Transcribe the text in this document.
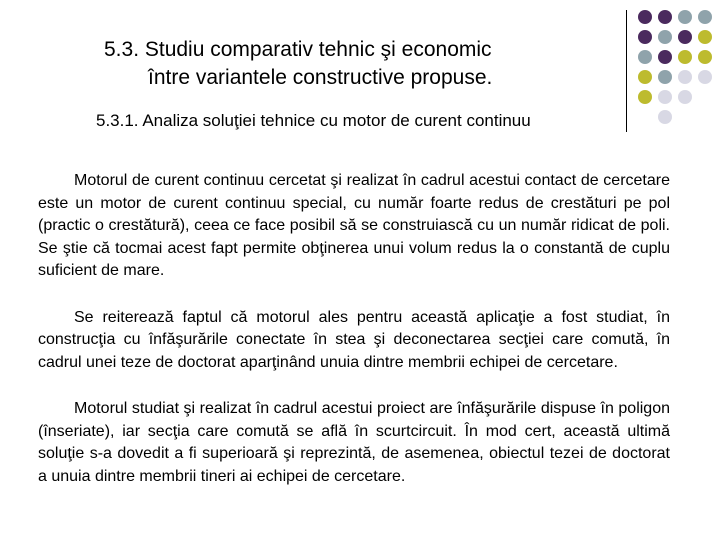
5.3. Studiu comparativ tehnic şi economic
între variantele constructive propuse.
5.3.1. Analiza soluţiei tehnice cu motor de curent continuu

Motorul de curent continuu cercetat şi realizat în cadrul acestui contact de cercetare este un motor de curent continuu special, cu număr foarte redus de crestături pe pol (practic o crestătură), ceea ce face posibil să se construiască cu un număr ridicat de poli. Se ştie că tocmai acest fapt permite obţinerea unui volum redus la o constantă de cuplu suficient de mare.

Se reiterează faptul că motorul ales pentru această aplicaţie a fost studiat, în construcţia cu înfăşurările conectate în stea şi deconectarea secţiei care comută, în cadrul unei teze de doctorat aparţinând unuia dintre membrii echipei de cercetare.

Motorul studiat şi realizat în cadrul acestui proiect are înfăşurările dispuse în poligon (înseriate), iar secţia care comută se află în scurtcircuit. În mod cert, această ultimă soluţie s-a dovedit a fi superioară şi reprezintă, de asemenea, obiectul tezei de doctorat a unuia dintre membrii tineri ai echipei de cercetare.
